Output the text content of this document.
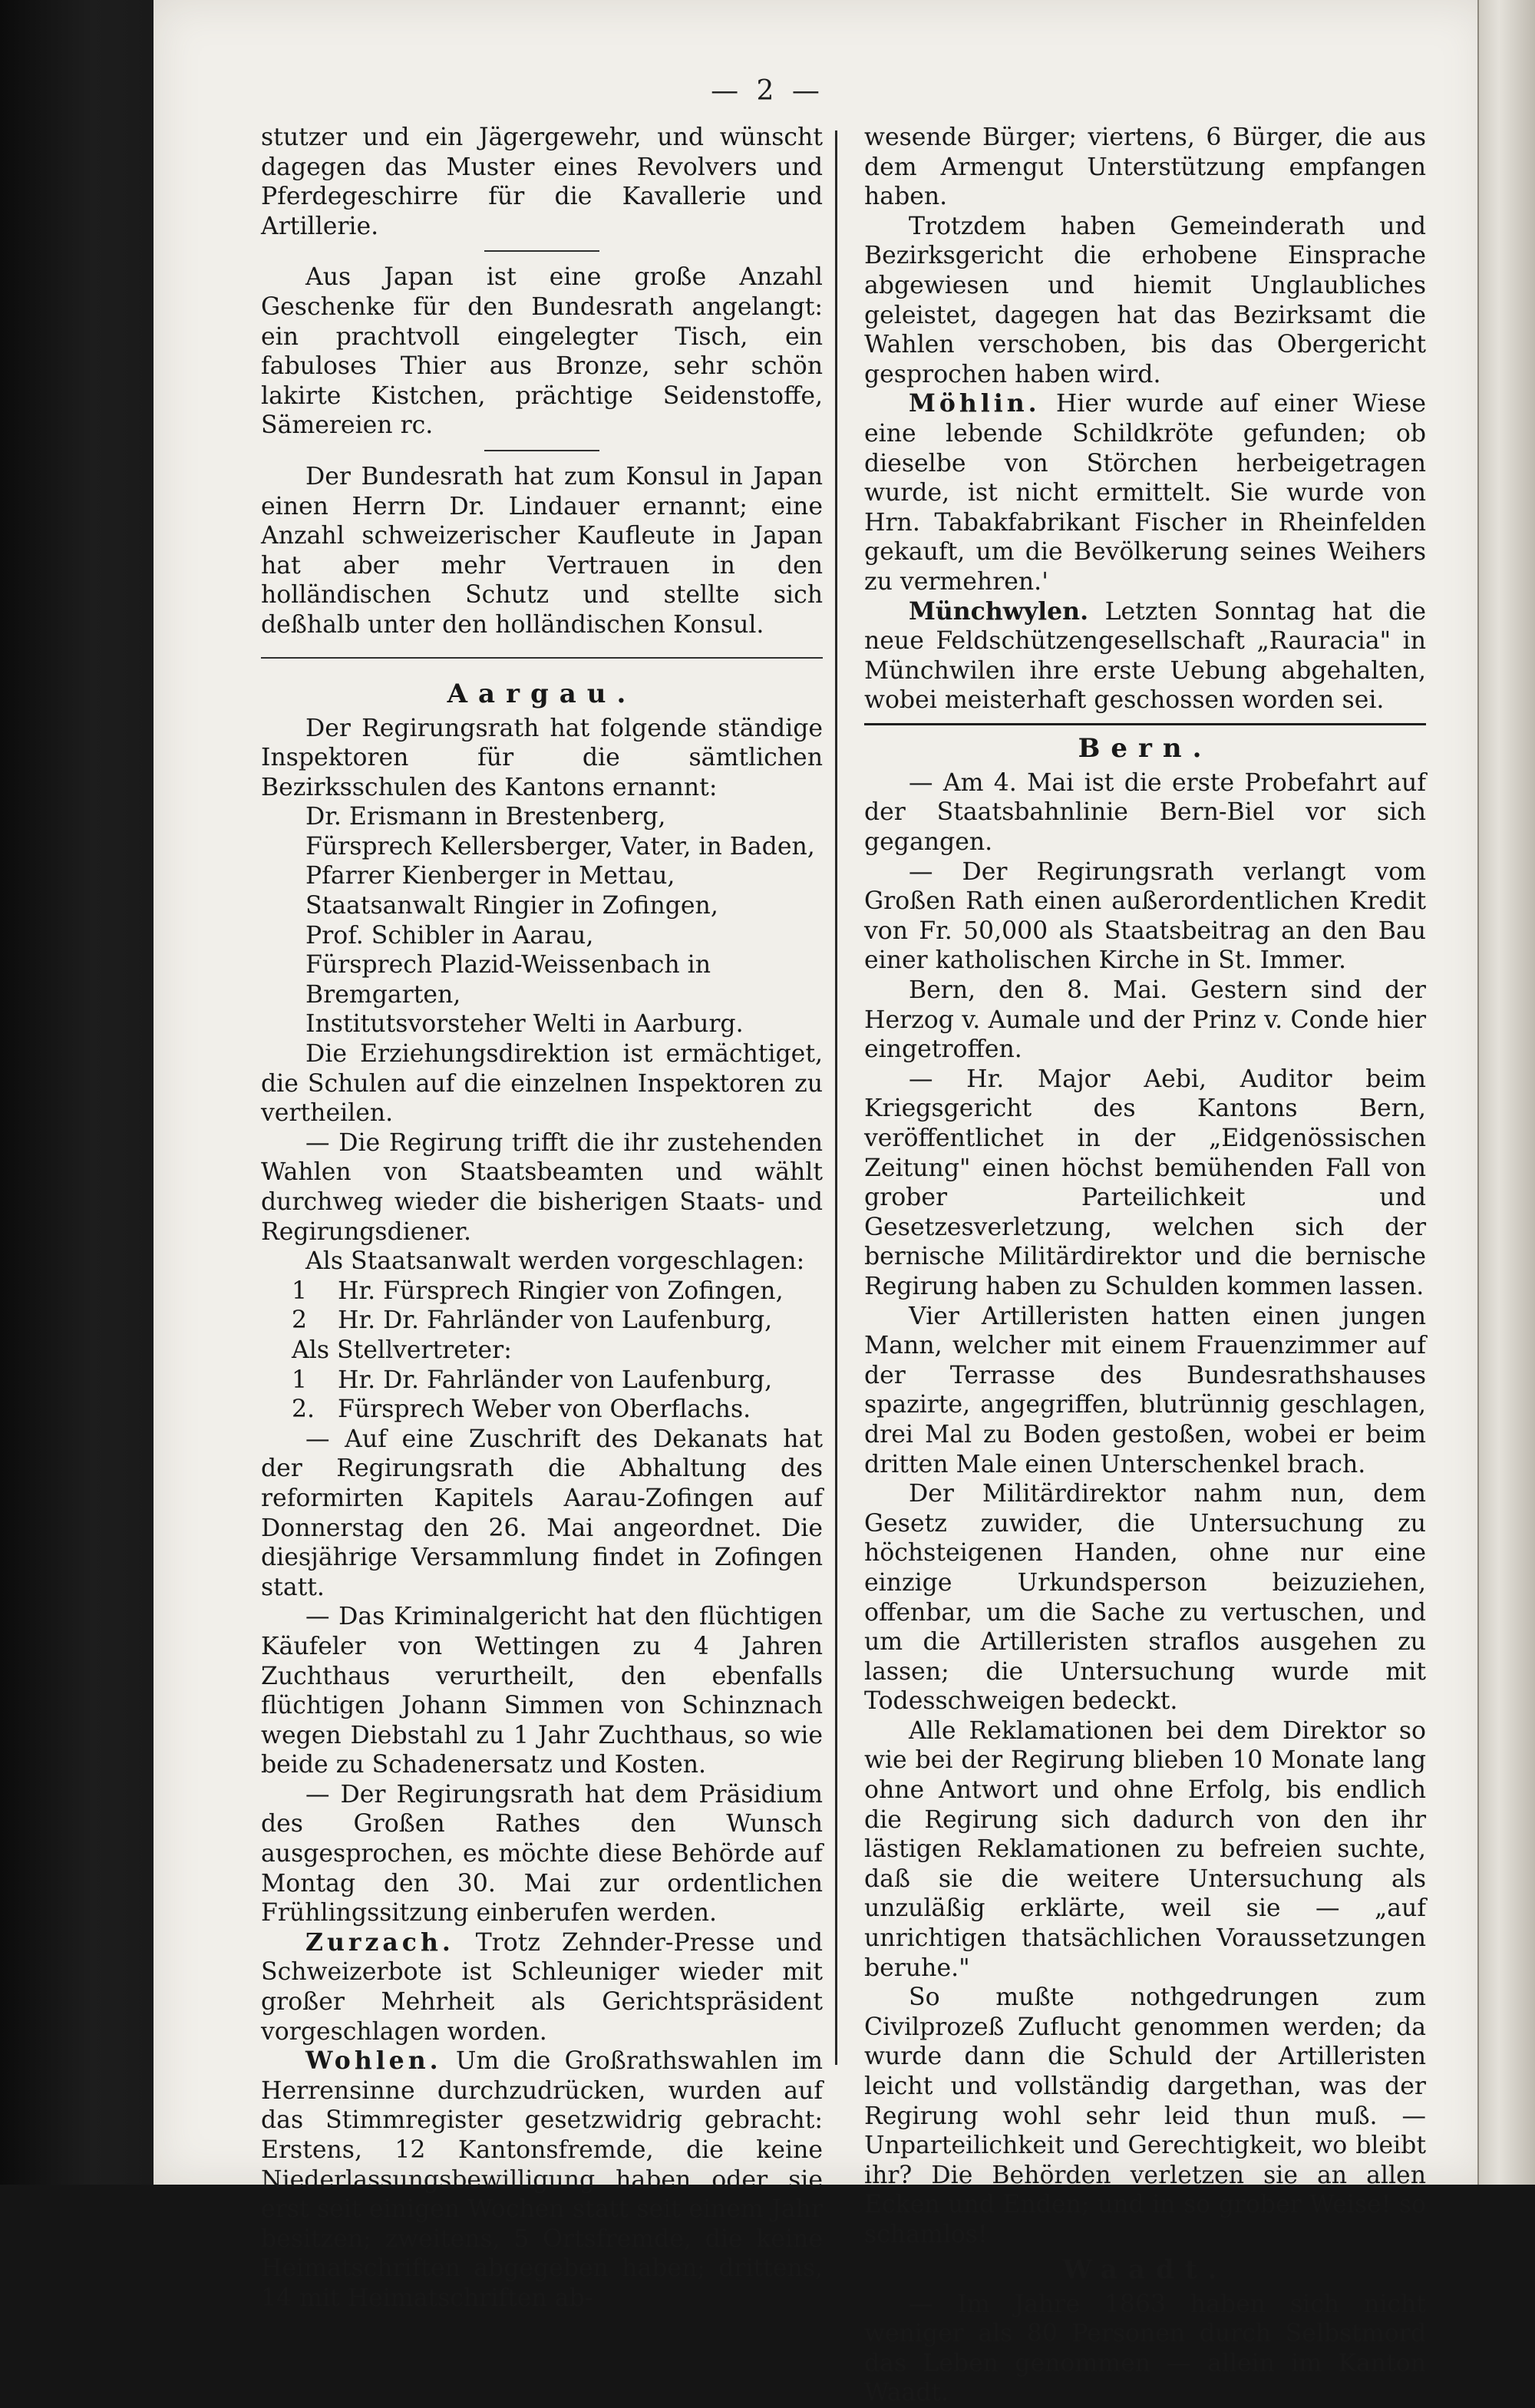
— 2 —

stutzer und ein Jägergewehr, und wünscht dagegen das Muster eines Revolvers und Pferdegeschirre für die Kavallerie und Artillerie.

Aus Japan ist eine große Anzahl Geschenke für den Bundesrath angelangt: ein prachtvoll eingelegter Tisch, ein fabuloses Thier aus Bronze, sehr schön lakirte Kistchen, prächtige Seidenstoffe, Sämereien rc.

Der Bundesrath hat zum Konsul in Japan einen Herrn Dr. Lindauer ernannt; eine Anzahl schweizerischer Kaufleute in Japan hat aber mehr Vertrauen in den holländischen Schutz und stellte sich deßhalb unter den holländischen Konsul.

Aargau.

Der Regirungsrath hat folgende ständige Inspektoren für die sämtlichen Bezirksschulen des Kantons ernannt:

Dr. Erismann in Brestenberg,

Fürsprech Kellersberger, Vater, in Baden,

Pfarrer Kienberger in Mettau,

Staatsanwalt Ringier in Zofingen,

Prof. Schibler in Aarau,

Fürsprech Plazid-Weissenbach in Bremgarten,

Institutsvorsteher Welti in Aarburg.

Die Erziehungsdirektion ist ermächtiget, die Schulen auf die einzelnen Inspektoren zu vertheilen.

— Die Regirung trifft die ihr zustehenden Wahlen von Staatsbeamten und wählt durchweg wieder die bisherigen Staats- und Regirungsdiener.

Als Staatsanwalt werden vorgeschlagen:

1 Hr. Fürsprech Ringier von Zofingen,

2 Hr. Dr. Fahrländer von Laufenburg,

Als Stellvertreter:

1 Hr. Dr. Fahrländer von Laufenburg,

2. Fürsprech Weber von Oberflachs.

— Auf eine Zuschrift des Dekanats hat der Regirungsrath die Abhaltung des reformirten Kapitels Aarau-Zofingen auf Donnerstag den 26. Mai angeordnet. Die diesjährige Versammlung findet in Zofingen statt.

— Das Kriminalgericht hat den flüchtigen Käufeler von Wettingen zu 4 Jahren Zuchthaus verurtheilt, den ebenfalls flüchtigen Johann Simmen von Schinznach wegen Diebstahl zu 1 Jahr Zuchthaus, so wie beide zu Schadenersatz und Kosten.

— Der Regirungsrath hat dem Präsidium des Großen Rathes den Wunsch ausgesprochen, es möchte diese Behörde auf Montag den 30. Mai zur ordentlichen Frühlingssitzung einberufen werden.

Zurzach. Trotz Zehnder-Presse und Schweizerbote ist Schleuniger wieder mit großer Mehrheit als Gerichtspräsident vorgeschlagen worden.

Wohlen. Um die Großrathswahlen im Herrensinne durchzudrücken, wurden auf das Stimmregister gesetzwidrig gebracht: Erstens, 12 Kantonsfremde, die keine Niederlassungsbewilligung haben oder sie erst seit einigen Wochen statt seit einem Jahr besitzen; zweitens, 5 Ortsfremde, die keine Heimatschriften abgegeben haben; drittens, 14 mit Heimatschriften ab-

wesende Bürger; viertens, 6 Bürger, die aus dem Armengut Unterstützung empfangen haben.

Trotzdem haben Gemeinderath und Bezirksgericht die erhobene Einsprache abgewiesen und hiemit Unglaubliches geleistet, dagegen hat das Bezirksamt die Wahlen verschoben, bis das Obergericht gesprochen haben wird.

Möhlin. Hier wurde auf einer Wiese eine lebende Schildkröte gefunden; ob dieselbe von Störchen herbeigetragen wurde, ist nicht ermittelt. Sie wurde von Hrn. Tabakfabrikant Fischer in Rheinfelden gekauft, um die Bevölkerung seines Weihers zu vermehren.'

Münchwylen. Letzten Sonntag hat die neue Feldschützengesellschaft „Rauracia" in Münchwilen ihre erste Uebung abgehalten, wobei meisterhaft geschossen worden sei.

Bern.

— Am 4. Mai ist die erste Probefahrt auf der Staatsbahnlinie Bern-Biel vor sich gegangen.

— Der Regirungsrath verlangt vom Großen Rath einen außerordentlichen Kredit von Fr. 50,000 als Staatsbeitrag an den Bau einer katholischen Kirche in St. Immer.

Bern, den 8. Mai. Gestern sind der Herzog v. Aumale und der Prinz v. Conde hier eingetroffen.

— Hr. Major Aebi, Auditor beim Kriegsgericht des Kantons Bern, veröffentlichet in der „Eidgenössischen Zeitung" einen höchst bemühenden Fall von grober Parteilichkeit und Gesetzesverletzung, welchen sich der bernische Militärdirektor und die bernische Regirung haben zu Schulden kommen lassen.

Vier Artilleristen hatten einen jungen Mann, welcher mit einem Frauenzimmer auf der Terrasse des Bundesrathshauses spazirte, angegriffen, blutrünnig geschlagen, drei Mal zu Boden gestoßen, wobei er beim dritten Male einen Unterschenkel brach.

Der Militärdirektor nahm nun, dem Gesetz zuwider, die Untersuchung zu höchsteigenen Handen, ohne nur eine einzige Urkundsperson beizuziehen, offenbar, um die Sache zu vertuschen, und um die Artilleristen straflos ausgehen zu lassen; die Untersuchung wurde mit Todesschweigen bedeckt.

Alle Reklamationen bei dem Direktor so wie bei der Regirung blieben 10 Monate lang ohne Antwort und ohne Erfolg, bis endlich die Regirung sich dadurch von den ihr lästigen Reklamationen zu befreien suchte, daß sie die weitere Untersuchung als unzuläßig erklärte, weil sie — „auf unrichtigen thatsächlichen Voraussetzungen beruhe."

So mußte nothgedrungen zum Civilprozeß Zuflucht genommen werden; da wurde dann die Schuld der Artilleristen leicht und vollständig dargethan, was der Regirung wohl sehr leid thun muß. — Unparteilichkeit und Gerechtigkeit, wo bleibt ihr? Die Behörden verletzen sie an allen Ecken und Enden; und in so grober Weise! so schamlos!

Waadt.

— Im Jahre 1863 haben sich nicht weniger als 80 Personen durch Selbstmord das Leben genommen — allein im Kanton Waadt.
